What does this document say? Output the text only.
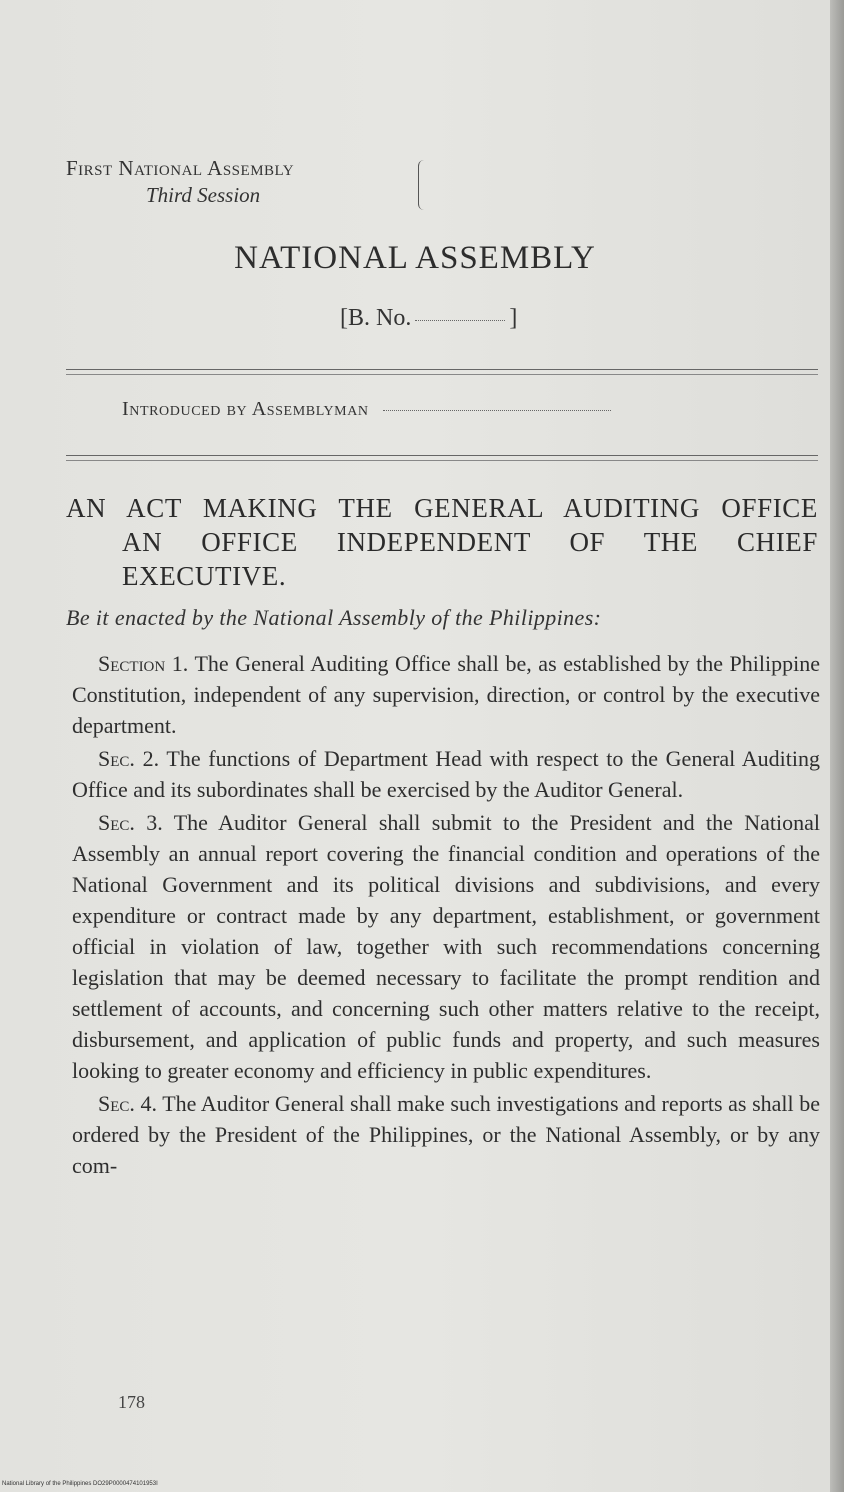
First National Assembly
Third Session
NATIONAL ASSEMBLY
[B. No.	]
Introduced by Assemblyman
AN ACT MAKING THE GENERAL AUDITING OFFICE
AN OFFICE INDEPENDENT OF THE CHIEF
EXECUTIVE.
Be it enacted by the National Assembly of the Philippines:

Section 1. The General Auditing Office shall be, as established by the Philippine Constitution, independent of any supervision, direction, or control by the executive department.

Sec. 2. The functions of Department Head with respect to the General Auditing Office and its subordinates shall be exercised by the Auditor General.

Sec. 3. The Auditor General shall submit to the President and the National Assembly an annual report covering the financial condition and operations of the National Government and its political divisions and subdivisions, and every expenditure or contract made by any department, establishment, or government official in violation of law, together with such recommendations concerning legislation that may be deemed necessary to facilitate the prompt rendition and settlement of accounts, and concerning such other matters relative to the receipt, disbursement, and application of public funds and property, and such measures looking to greater economy and efficiency in public expenditures.

Sec. 4. The Auditor General shall make such investigations and reports as shall be ordered by the President of the Philippines, or the National Assembly, or by any com-

178
National Library of the Philippines DO29P0000474101953I
